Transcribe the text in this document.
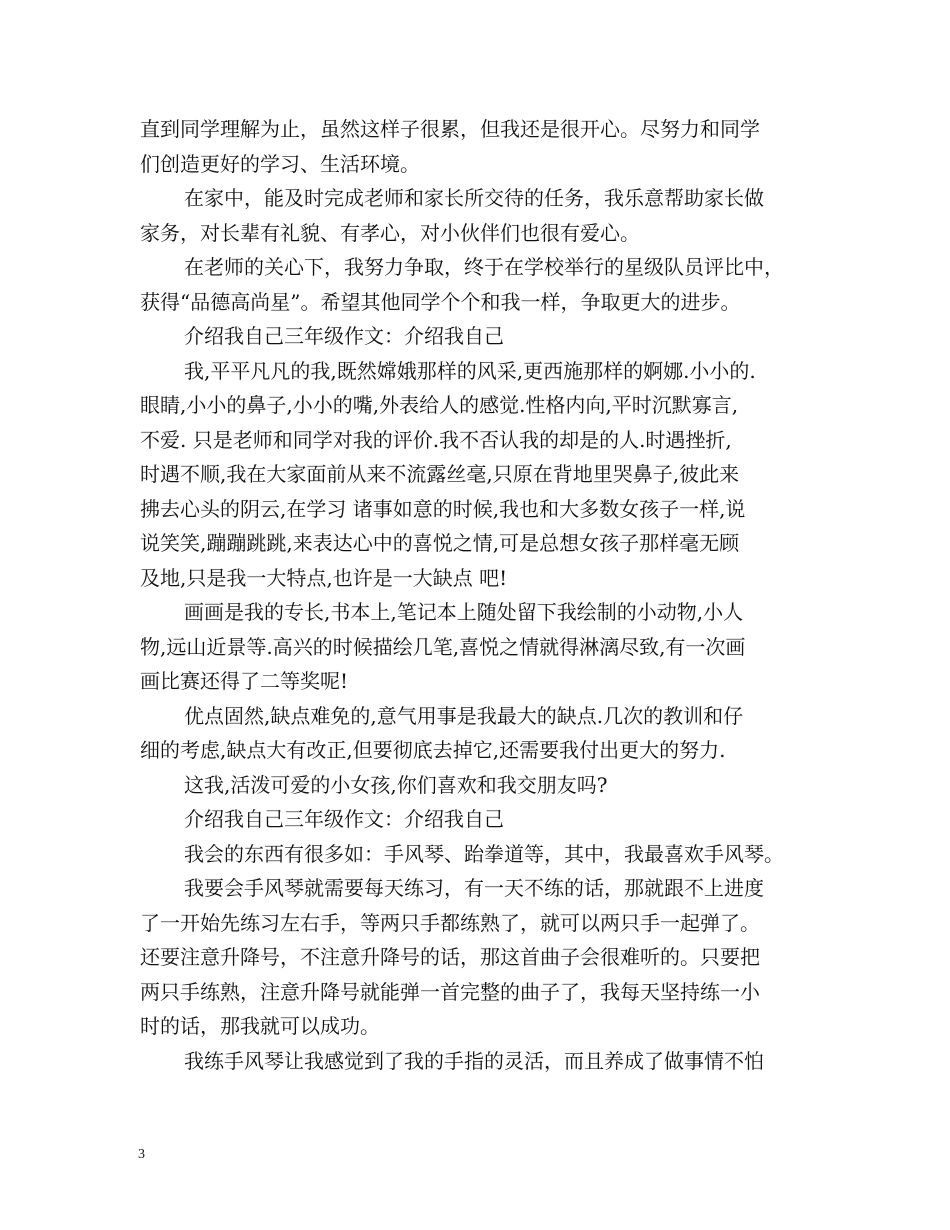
直到同学理解为止，虽然这样子很累，但我还是很开心。尽努力和同学
们创造更好的学习、生活环境。
在家中，能及时完成老师和家长所交待的任务，我乐意帮助家长做
家务，对长辈有礼貌、有孝心，对小伙伴们也很有爱心。
在老师的关心下，我努力争取，终于在学校举行的星级队员评比中，
获得“品德高尚星”。希望其他同学个个和我一样，争取更大的进步。
介绍我自己三年级作文：介绍我自己
我,平平凡凡的我,既然嫦娥那样的风采,更西施那样的婀娜.小小的.
眼睛,小小的鼻子,小小的嘴,外表给人的感觉.性格内向,平时沉默寡言,
不爱. 只是老师和同学对我的评价.我不否认我的却是的人.时遇挫折,
时遇不顺,我在大家面前从来不流露丝毫,只原在背地里哭鼻子,彼此来
拂去心头的阴云,在学习 诸事如意的时候,我也和大多数女孩子一样,说
说笑笑,蹦蹦跳跳,来表达心中的喜悦之情,可是总想女孩子那样毫无顾
及地,只是我一大特点,也许是一大缺点 吧!
画画是我的专长,书本上,笔记本上随处留下我绘制的小动物,小人
物,远山近景等.高兴的时候描绘几笔,喜悦之情就得淋漓尽致,有一次画
画比赛还得了二等奖呢!
优点固然,缺点难免的,意气用事是我最大的缺点.几次的教训和仔
细的考虑,缺点大有改正,但要彻底去掉它,还需要我付出更大的努力.
这我,活泼可爱的小女孩,你们喜欢和我交朋友吗?
介绍我自己三年级作文：介绍我自己
我会的东西有很多如：手风琴、跆拳道等，其中，我最喜欢手风琴。
我要会手风琴就需要每天练习，有一天不练的话，那就跟不上进度
了一开始先练习左右手，等两只手都练熟了，就可以两只手一起弹了。
还要注意升降号，不注意升降号的话，那这首曲子会很难听的。只要把
两只手练熟，注意升降号就能弹一首完整的曲子了，我每天坚持练一小
时的话，那我就可以成功。
我练手风琴让我感觉到了我的手指的灵活，而且养成了做事情不怕
3
